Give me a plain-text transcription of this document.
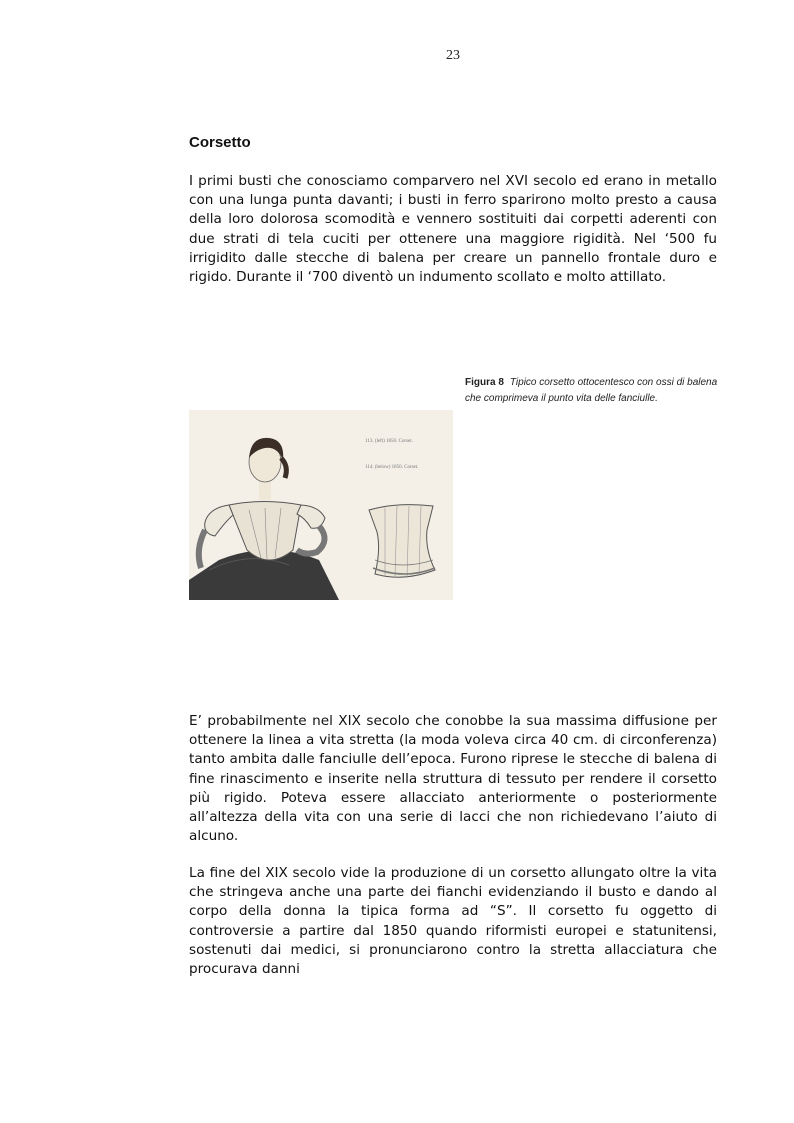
23
Corsetto

I primi busti che conosciamo comparvero nel XVI secolo ed erano in metallo con una lunga punta davanti; i busti in ferro sparirono molto presto a causa della loro dolorosa scomodità e vennero sostituiti dai corpetti aderenti con due strati di tela cuciti per ottenere una maggiore rigidità. Nel ‘500 fu irrigidito dalle stecche di balena per creare un pannello frontale duro e rigido. Durante il ‘700 diventò un indumento scollato e molto attillato.

Figura 8 Tipico corsetto ottocentesco con ossi di balena che comprimeva il punto vita delle fanciulle.
113. (left) 1850. Corset.
114. (below) 1850. Corset.

E’ probabilmente nel XIX secolo che conobbe la sua massima diffusione per ottenere la linea a vita stretta (la moda voleva circa 40 cm. di circonferenza) tanto ambita dalle fanciulle dell’epoca. Furono riprese le stecche di balena di fine rinascimento e inserite nella struttura di tessuto per rendere il corsetto più rigido. Poteva essere allacciato anteriormente o posteriormente all’altezza della vita con una serie di lacci che non richiedevano l’aiuto di alcuno.

La fine del XIX secolo vide la produzione di un corsetto allungato oltre la vita che stringeva anche una parte dei fianchi evidenziando il busto e dando al corpo della donna la tipica forma ad “S”. Il corsetto fu oggetto di controversie a partire dal 1850 quando riformisti europei e statunitensi, sostenuti dai medici, si pronunciarono contro la stretta allacciatura che procurava danni
